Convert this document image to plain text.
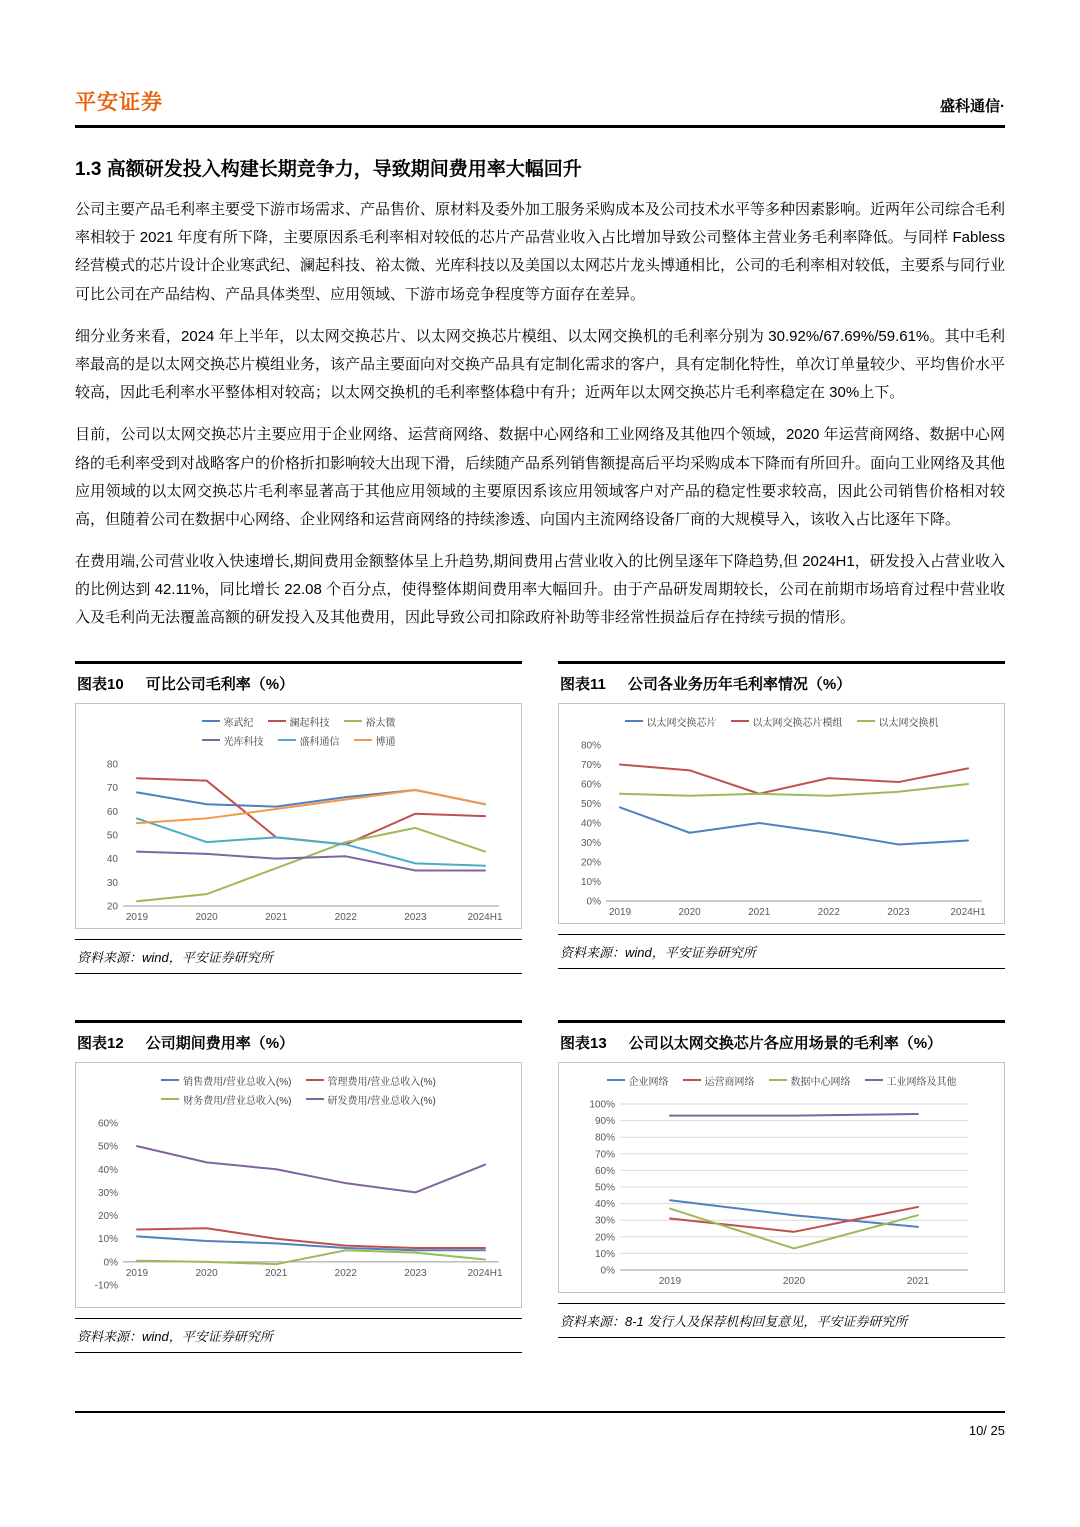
平安证券	盛科通信·
1.3 高额研发投入构建长期竞争力，导致期间费用率大幅回升

公司主要产品毛利率主要受下游市场需求、产品售价、原材料及委外加工服务采购成本及公司技术水平等多种因素影响。近两年公司综合毛利率相较于 2021 年度有所下降，主要原因系毛利率相对较低的芯片产品营业收入占比增加导致公司整体主营业务毛利率降低。与同样 Fabless 经营模式的芯片设计企业寒武纪、澜起科技、裕太微、光库科技以及美国以太网芯片龙头博通相比，公司的毛利率相对较低，主要系与同行业可比公司在产品结构、产品具体类型、应用领域、下游市场竞争程度等方面存在差异。

细分业务来看，2024 年上半年，以太网交换芯片、以太网交换芯片模组、以太网交换机的毛利率分别为 30.92%/67.69%/59.61%。其中毛利率最高的是以太网交换芯片模组业务，该产品主要面向对交换产品具有定制化需求的客户，具有定制化特性，单次订单量较少、平均售价水平较高，因此毛利率水平整体相对较高；以太网交换机的毛利率整体稳中有升；近两年以太网交换芯片毛利率稳定在 30%上下。

目前，公司以太网交换芯片主要应用于企业网络、运营商网络、数据中心网络和工业网络及其他四个领域，2020 年运营商网络、数据中心网络的毛利率受到对战略客户的价格折扣影响较大出现下滑，后续随产品系列销售额提高后平均采购成本下降而有所回升。面向工业网络及其他应用领域的以太网交换芯片毛利率显著高于其他应用领域的主要原因系该应用领域客户对产品的稳定性要求较高，因此公司销售价格相对较高，但随着公司在数据中心网络、企业网络和运营商网络的持续渗透、向国内主流网络设备厂商的大规模导入，该收入占比逐年下降。

在费用端,公司营业收入快速增长,期间费用金额整体呈上升趋势,期间费用占营业收入的比例呈逐年下降趋势,但 2024H1，研发投入占营业收入的比例达到 42.11%，同比增长 22.08 个百分点，使得整体期间费用率大幅回升。由于产品研发周期较长，公司在前期市场培育过程中营业收入及毛利尚无法覆盖高额的研发投入及其他费用，因此导致公司扣除政府补助等非经常性损益后存在持续亏损的情形。

图表10 可比公司毛利率（%）
寒武纪	澜起科技	裕太微
光库科技	盛科通信	博通
20
30
40
50
60
70
80
2019	2020	2021	2022	2023	2024H1
资料来源：wind，平安证券研究所
图表11 公司各业务历年毛利率情况（%）
以太网交换芯片	以太网交换芯片模组	以太网交换机
0%
10%
20%
30%
40%
50%
60%
70%
80%
2019	2020	2021	2022	2023	2024H1
资料来源：wind，平安证券研究所
图表12 公司期间费用率（%）
销售费用/营业总收入(%)	管理费用/营业总收入(%)
财务费用/营业总收入(%)	研发费用/营业总收入(%)
-10%
0%
10%
20%
30%
40%
50%
60%
2019	2020	2021	2022	2023	2024H1
资料来源：wind，平安证券研究所
图表13 公司以太网交换芯片各应用场景的毛利率（%）
企业网络	运营商网络	数据中心网络	工业网络及其他
0%
10%
20%
30%
40%
50%
60%
70%
80%
90%
100%
2019	2020	2021
资料来源：8-1 发行人及保荐机构回复意见，平安证券研究所
10/ 25
